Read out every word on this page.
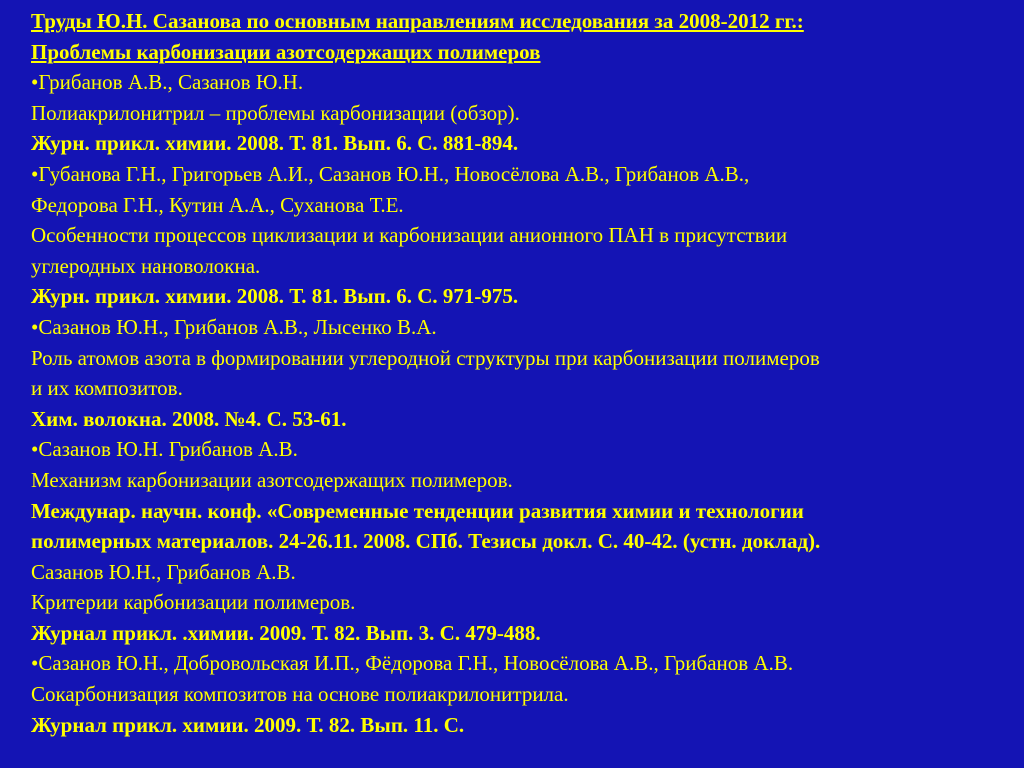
Труды Ю.Н. Сазанова по основным направлениям исследования за 2008-2012 гг.:

Проблемы карбонизации азотсодержащих полимеров

•Грибанов А.В., Сазанов Ю.Н.

Полиакрилонитрил – проблемы карбонизации (обзор).

Журн. прикл. химии. 2008. Т. 81. Вып. 6. С. 881-894.

•Губанова Г.Н., Григорьев А.И., Сазанов Ю.Н., Новосёлова А.В., Грибанов А.В.,

Федорова Г.Н., Кутин А.А., Суханова Т.Е.

Особенности процессов циклизации и карбонизации анионного ПАН в присутствии

углеродных нановолокна.

Журн. прикл. химии. 2008. Т. 81. Вып. 6. С. 971-975.

•Сазанов Ю.Н., Грибанов А.В., Лысенко В.А.

Роль атомов азота в формировании углеродной структуры при карбонизации полимеров

и их композитов.

Хим. волокна. 2008. №4. С. 53-61.

•Сазанов Ю.Н. Грибанов А.В.

Механизм карбонизации азотсодержащих полимеров.

Междунар. научн. конф. «Современные тенденции развития химии и технологии

полимерных материалов. 24-26.11. 2008. СПб. Тезисы докл. С. 40-42. (устн. доклад).

Сазанов Ю.Н., Грибанов А.В.

Критерии карбонизации полимеров.

Журнал прикл. .химии. 2009. Т. 82. Вып. 3. С. 479-488.

•Сазанов Ю.Н., Добровольская И.П., Фёдорова Г.Н., Новосёлова А.В., Грибанов А.В.

Сокарбонизация композитов на основе полиакрилонитрила.

Журнал прикл. химии. 2009. Т. 82. Вып. 11. С.
